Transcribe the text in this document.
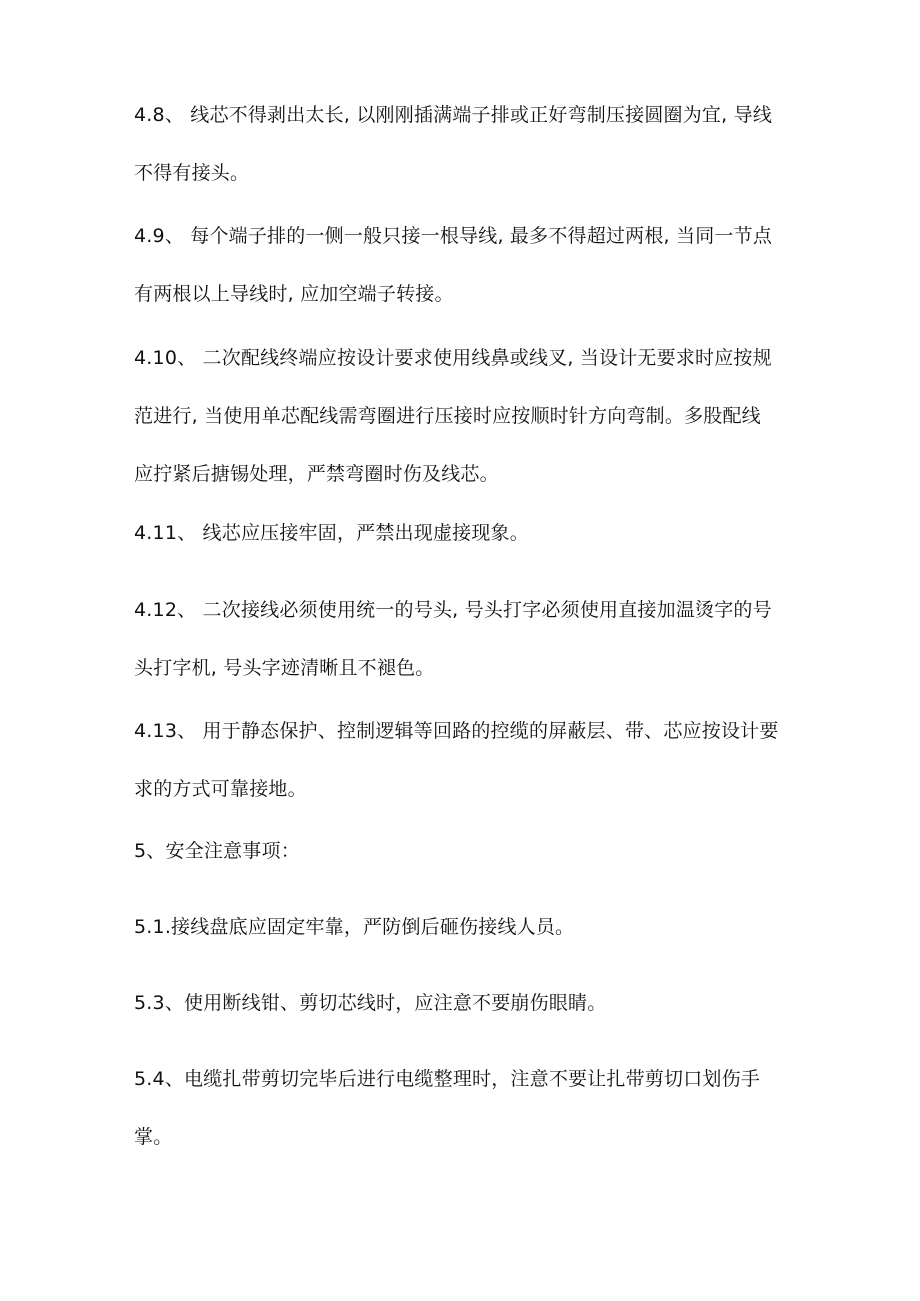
4.8、 线芯不得剥出太长, 以刚刚插满端子排或正好弯制压接圆圈为宜, 导线
不得有接头。

4.9、 每个端子排的一侧一般只接一根导线, 最多不得超过两根, 当同一节点
有两根以上导线时, 应加空端子转接。

4.10、 二次配线终端应按设计要求使用线鼻或线叉, 当设计无要求时应按规
范进行, 当使用单芯配线需弯圈进行压接时应按顺时针方向弯制。多股配线
应拧紧后搪锡处理，严禁弯圈时伤及线芯。

4.11、 线芯应压接牢固，严禁出现虚接现象。

4.12、 二次接线必须使用统一的号头, 号头打字必须使用直接加温烫字的号
头打字机, 号头字迹清晰且不褪色。

4.13、 用于静态保护、控制逻辑等回路的控缆的屏蔽层、带、芯应按设计要
求的方式可靠接地。

5、安全注意事项：

5.1.接线盘底应固定牢靠，严防倒后砸伤接线人员。

5.3、使用断线钳、剪切芯线时，应注意不要崩伤眼睛。

5.4、电缆扎带剪切完毕后进行电缆整理时，注意不要让扎带剪切口划伤手
掌。
